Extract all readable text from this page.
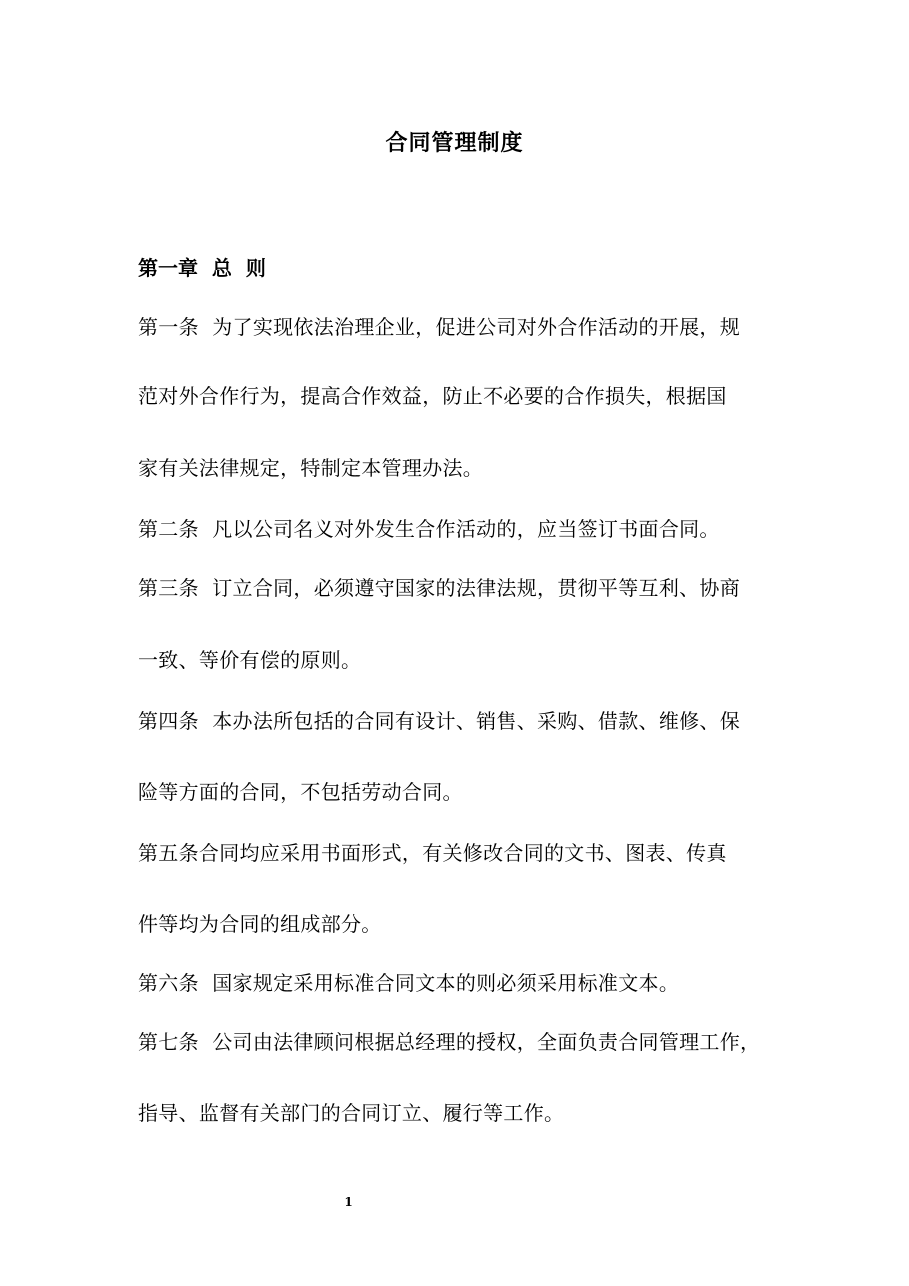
合同管理制度
第一章  总  则
第一条  为了实现依法治理企业，促进公司对外合作活动的开展，规
范对外合作行为，提高合作效益，防止不必要的合作损失，根据国
家有关法律规定，特制定本管理办法。
第二条  凡以公司名义对外发生合作活动的，应当签订书面合同。
第三条  订立合同，必须遵守国家的法律法规，贯彻平等互利、协商
一致、等价有偿的原则。
第四条  本办法所包括的合同有设计、销售、采购、借款、维修、保
险等方面的合同，不包括劳动合同。
第五条合同均应采用书面形式，有关修改合同的文书、图表、传真
件等均为合同的组成部分。
第六条  国家规定采用标准合同文本的则必须采用标准文本。
第七条  公司由法律顾问根据总经理的授权，全面负责合同管理工作，
指导、监督有关部门的合同订立、履行等工作。
1
